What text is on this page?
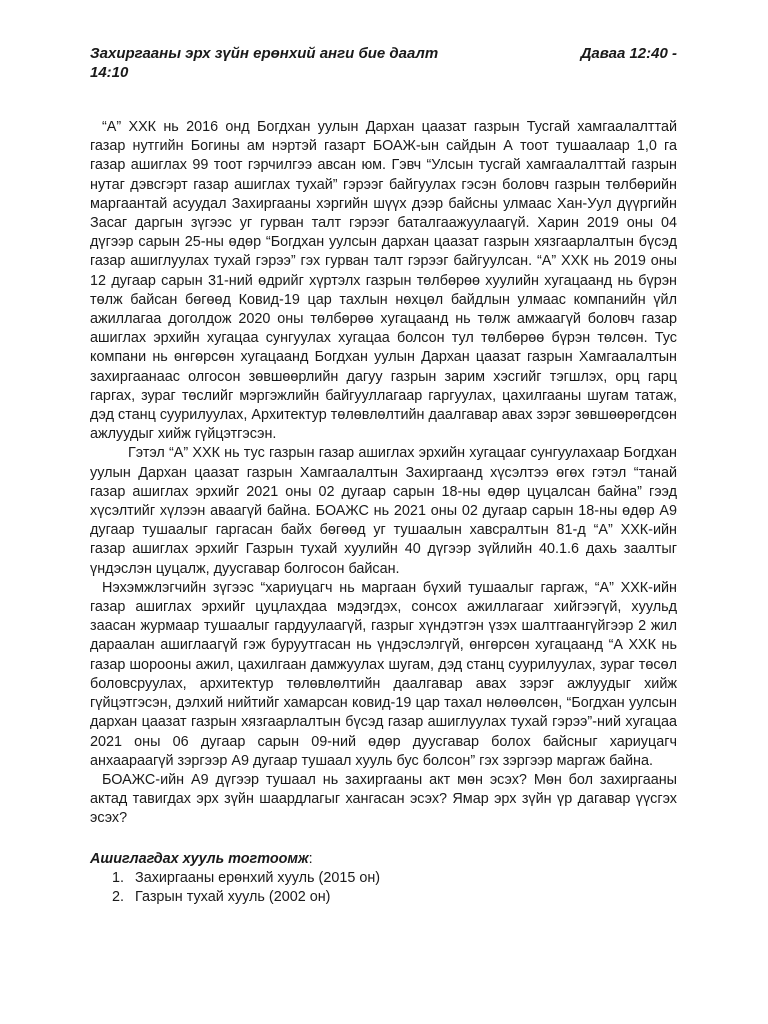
Захиргааны эрх зүйн ерөнхий анги бие даалт	Даваа 12:40 -
14:10

“А” ХХК нь 2016 онд Богдхан уулын Дархан цаазат газрын Тусгай хамгаалалттай газар нутгийн Богины ам нэртэй газарт БОАЖ-ын сайдын А тоот тушаалаар 1,0 га газар ашиглах 99 тоот гэрчилгээ авсан юм. Гэвч “Улсын тусгай хамгаалалттай газрын нутаг дэвсгэрт газар ашиглах тухай” гэрээг байгуулах гэсэн боловч газрын төлбөрийн маргаантай асуудал Захиргааны хэргийн шүүх дээр байсны улмаас Хан-Уул дүүргийн Засаг даргын зүгээс уг гурван талт гэрээг баталгаажуулаагүй. Харин 2019 оны 04 дүгээр сарын 25-ны өдөр “Богдхан уулсын дархан цаазат газрын хязгаарлалтын бүсэд газар ашиглуулах тухай гэрээ” гэх гурван талт гэрээг байгуулсан. “А” ХХК нь 2019 оны 12 дугаар сарын 31-ний өдрийг хүртэлх газрын төлбөрөө хуулийн хугацаанд нь бүрэн төлж байсан бөгөөд Ковид-19 цар тахлын нөхцөл байдлын улмаас компанийн үйл ажиллагаа доголдож 2020 оны төлбөрөө хугацаанд нь төлж амжаагүй боловч газар ашиглах эрхийн хугацаа сунгуулах хугацаа болсон тул төлбөрөө бүрэн төлсөн. Тус компани нь өнгөрсөн хугацаанд Богдхан уулын Дархан цаазат газрын Хамгаалалтын захиргаанаас олгосон зөвшөөрлийн дагуу газрын зарим хэсгийг тэгшлэх, орц гарц гаргах, зураг төслийг мэргэжлийн байгууллагаар гаргуулах, цахилгааны шугам татаж, дэд станц суурилуулах, Архитектур төлөвлөлтийн даалгавар авах зэрэг зөвшөөрөгдсөн ажлуудыг хийж гүйцэтгэсэн.

Гэтэл “А” ХХК нь тус газрын газар ашиглах эрхийн хугацааг сунгуулахаар Богдхан уулын Дархан цаазат газрын Хамгаалалтын Захиргаанд хүсэлтээ өгөх гэтэл “танай газар ашиглах эрхийг 2021 оны 02 дугаар сарын 18-ны өдөр цуцалсан байна” гээд хүсэлтийг хүлээн аваагүй байна. БОАЖС нь 2021 оны 02 дугаар сарын 18-ны өдөр А9 дугаар тушаалыг гаргасан байх бөгөөд уг тушаалын хавсралтын 81-д “А” ХХК-ийн газар ашиглах эрхийг Газрын тухай хуулийн 40 дүгээр зүйлийн 40.1.6 дахь заалтыг үндэслэн цуцалж, дуусгавар болгосон байсан.

Нэхэмжлэгчийн зүгээс “хариуцагч нь маргаан бүхий тушаалыг гаргаж, “А” ХХК-ийн газар ашиглах эрхийг цуцлахдаа мэдэгдэх, сонсох ажиллагааг хийгээгүй, хуульд заасан журмаар тушаалыг гардуулаагүй, газрыг хүндэтгэн үзэх шалтгаангүйгээр 2 жил дараалан ашиглаагүй гэж буруутгасан нь үндэслэлгүй, өнгөрсөн хугацаанд “А ХХК нь газар шорооны ажил, цахилгаан дамжуулах шугам, дэд станц суурилуулах, зураг төсөл боловсруулах, архитектур төлөвлөлтийн даалгавар авах зэрэг ажлуудыг хийж гүйцэтгэсэн, дэлхий нийтийг хамарсан ковид-19 цар тахал нөлөөлсөн, “Богдхан уулсын дархан цаазат газрын хязгаарлалтын бүсэд газар ашиглуулах тухай гэрээ”-ний хугацаа 2021 оны 06 дугаар сарын 09-ний өдөр дуусгавар болох байсныг хариуцагч анхаараагүй зэргээр А9 дугаар тушаал хууль бус болсон” гэх зэргээр маргаж байна.

БОАЖС-ийн А9 дүгээр тушаал нь захиргааны акт мөн эсэх? Мөн бол захиргааны актад тавигдах эрх зүйн шаардлагыг хангасан эсэх? Ямар эрх зүйн үр дагавар үүсгэх эсэх?

Ашиглагдах хууль тогтоомж:
1. Захиргааны ерөнхий хууль (2015 он)
2. Газрын тухай хууль (2002 он)
